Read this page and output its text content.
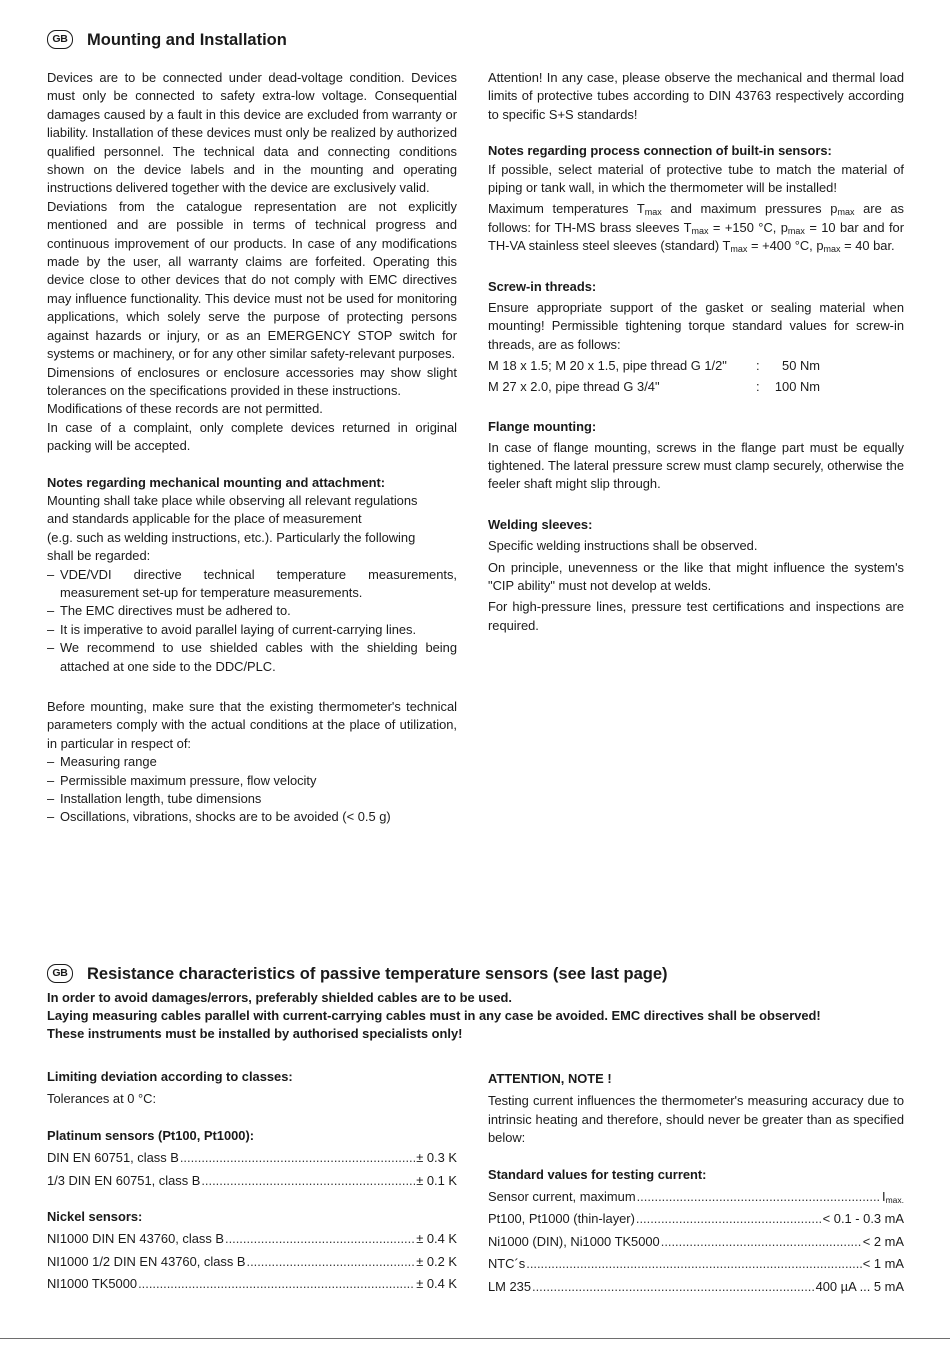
GB	Mounting and Installation

Devices are to be connected under dead-voltage condition. Devices must only be connected to safety extra-low voltage. Consequential damages caused by a fault in this device are excluded from warranty or liability. Installation of these devices must only be realized by authorized qualified personnel. The technical data and connecting conditions shown on the device labels and in the mounting and operating instructions delivered together with the device are exclusively valid.

Deviations from the catalogue representation are not explicitly mentioned and are possible in terms of technical progress and continuous improvement of our products. In case of any modifications made by the user, all warranty claims are forfeited. Operating this device close to other devices that do not comply with EMC directives may influence functionality. This device must not be used for monitoring applications, which solely serve the purpose of protecting persons against hazards or injury, or as an EMERGENCY STOP switch for systems or machinery, or for any other similar safety-relevant purposes.

Dimensions of enclosures or enclosure accessories may show slight tolerances on the specifications provided in these instructions.

Modifications of these records are not permitted.

In case of a complaint, only complete devices returned in original packing will be accepted.

Notes regarding mechanical mounting and attachment:
Mounting shall take place while observing all relevant regulations
and standards applicable for the place of measurement
(e.g. such as welding instructions, etc.). Particularly the following
shall be regarded:
– VDE/VDI directive technical temperature measurements, measurement set-up for temperature measurements.
– The EMC directives must be adhered to.
– It is imperative to avoid parallel laying of current-carrying lines.
– We recommend to use shielded cables with the shielding being attached at one side to the DDC/PLC.

Before mounting, make sure that the existing thermometer's technical parameters comply with the actual conditions at the place of utilization, in particular in respect of:

– Measuring range
– Permissible maximum pressure, flow velocity
– Installation length, tube dimensions
– Oscillations, vibrations, shocks are to be avoided (< 0.5 g)

Attention! In any case, please observe the mechanical and thermal load limits of protective tubes according to DIN 43763 respectively according to specific S+S standards!

Notes regarding process connection of built-in sensors:

If possible, select material of protective tube to match the material of piping or tank wall, in which the thermometer will be installed!

Maximum temperatures $T_{max}$ and maximum pressures $p_{max}$ are as follows: for TH-MS brass sleeves $T_{max} = +150$ °C, $p_{max} = 10$ bar and for TH-VA stainless steel sleeves (standard) $T_{max} = +400$ °C, $p_{max} = 40$ bar.

Screw-in threads:

Ensure appropriate support of the gasket or sealing material when mounting! Permissible tightening torque standard values for screw-in threads, are as follows:

M 18 x 1.5; M 20 x 1.5, pipe thread G 1/2"	:	50 Nm
M 27 x 2.0, pipe thread G 3/4"	:	100 Nm
Flange mounting:

In case of flange mounting, screws in the flange part must be equally tightened. The lateral pressure screw must clamp securely, otherwise the feeler shaft might slip through.

Welding sleeves:

Specific welding instructions shall be observed.

On principle, unevenness or the like that might influence the system's "CIP ability" must not develop at welds.

For high-pressure lines, pressure test certifications and inspections are required.

GB	Resistance characteristics of passive temperature sensors (see last page)
In order to avoid damages/errors, preferably shielded cables are to be used.
Laying measuring cables parallel with current-carrying cables must in any case be avoided. EMC directives shall be observed!
These instruments must be installed by authorised specialists only!
Limiting deviation according to classes:
Tolerances at 0 °C:
Platinum sensors (Pt100, Pt1000):
DIN EN 60751, class B .....	± 0.3 K
1/3 DIN EN 60751, class B .....	± 0.1 K
Nickel sensors:
NI1000 DIN EN 43760, class B .....	± 0.4 K
NI1000 1/2 DIN EN 43760, class B .....	± 0.2 K
NI1000 TK5000 .....	± 0.4 K
ATTENTION, NOTE !

Testing current influences the thermometer's measuring accuracy due to intrinsic heating and therefore, should never be greater than as specified below:

Standard values for testing current:
Sensor current, maximum .....	$I_{max.}$
Pt100, Pt1000 (thin-layer) .....	< 0.1 - 0.3 mA
Ni1000 (DIN), Ni1000 TK5000 .....	< 2 mA
NTC´s .....	< 1 mA
LM 235 .....	400 µA ... 5 mA
